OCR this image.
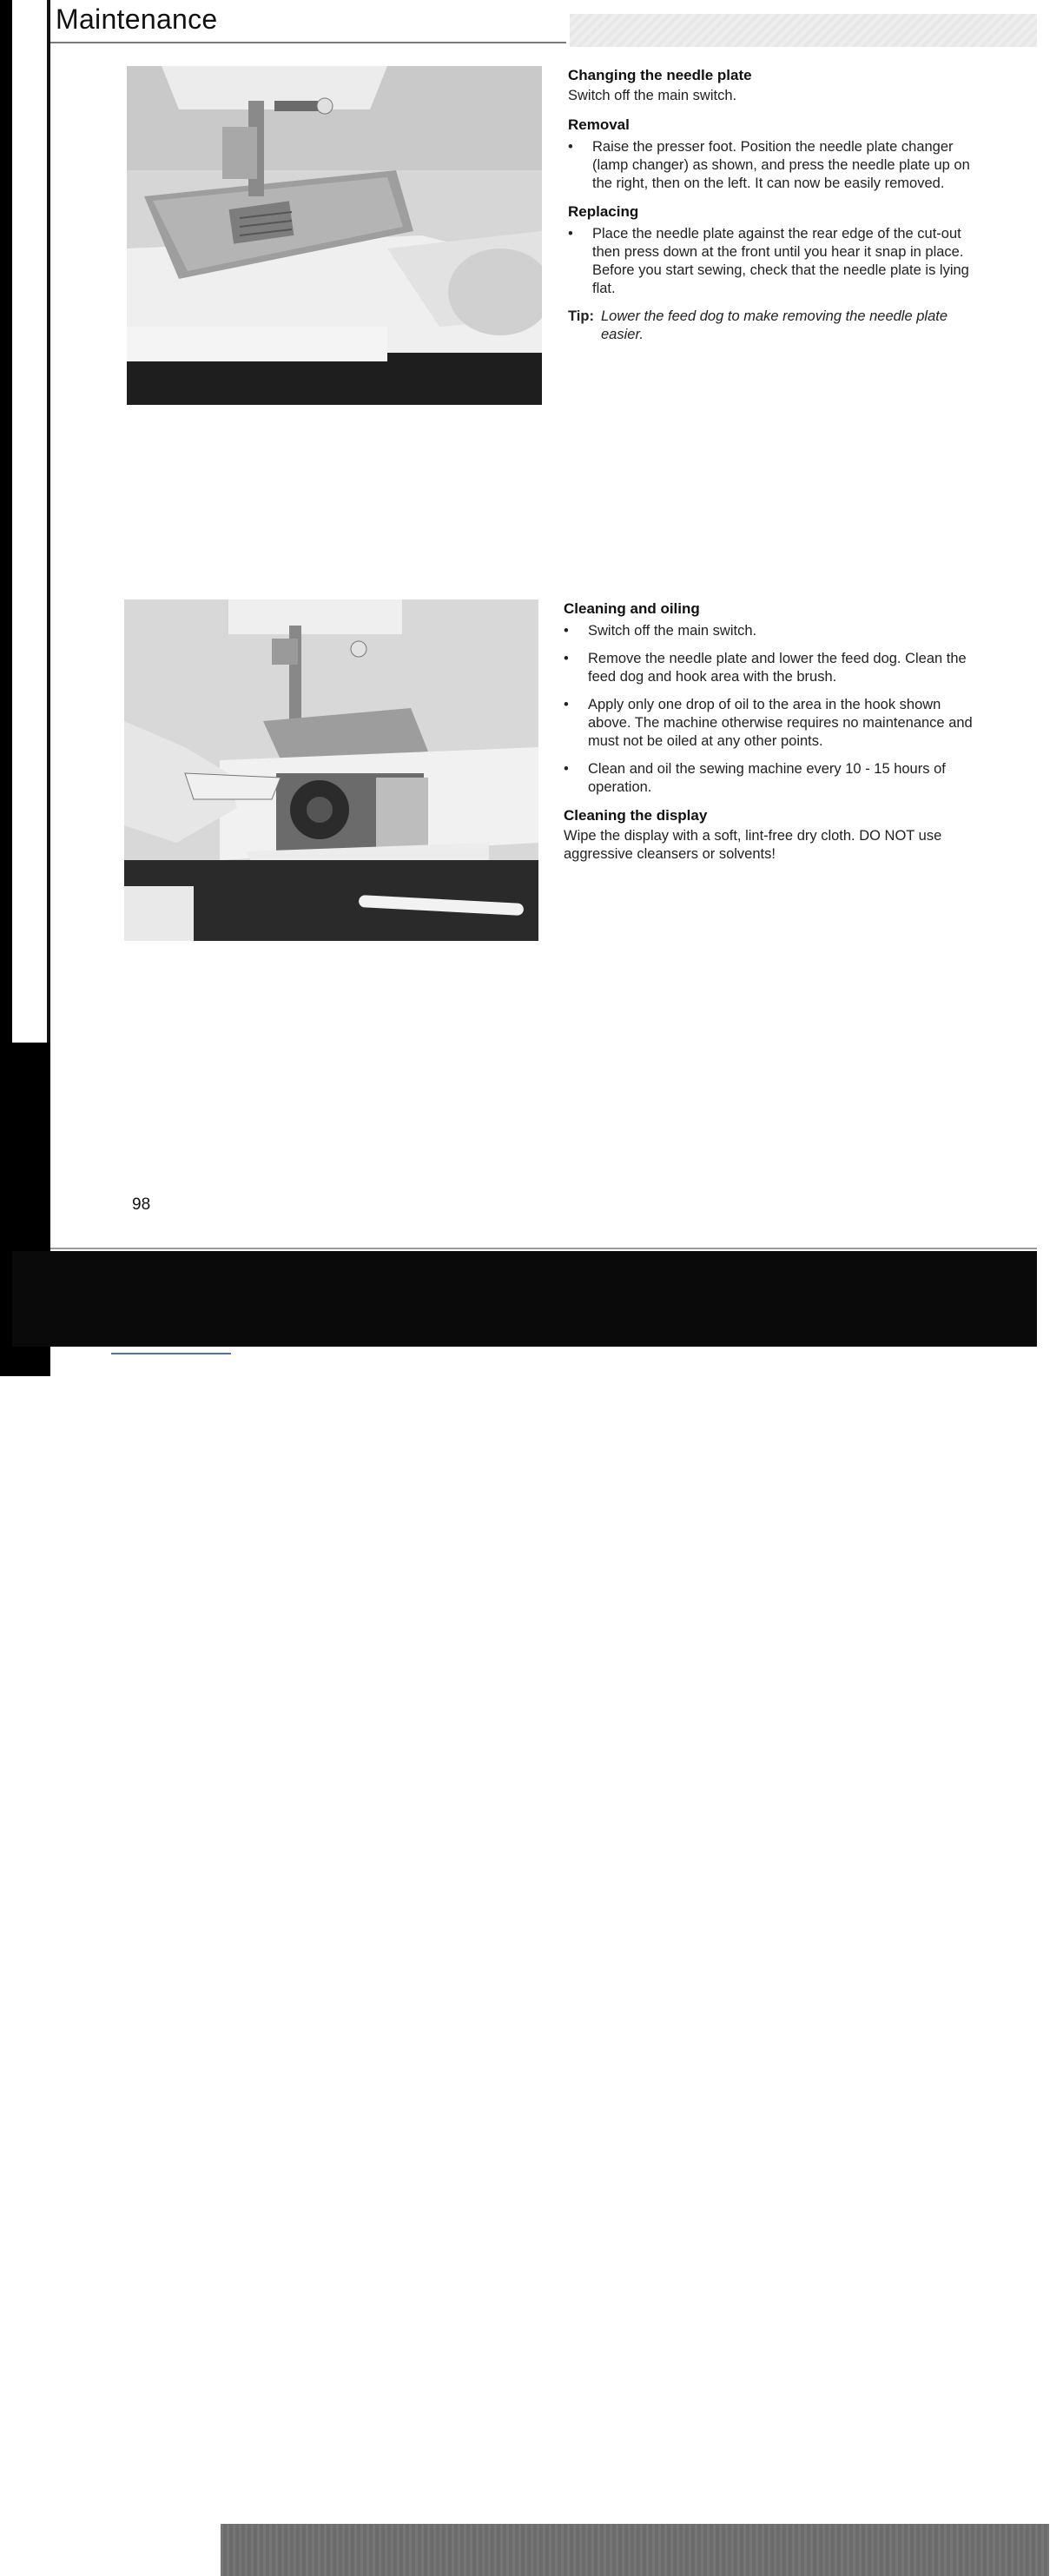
Maintenance

Changing the needle plate

Switch off the main switch.

Removal

• Raise the presser foot. Position the needle plate changer (lamp changer) as shown, and press the needle plate up on the right, then on the left. It can now be easily removed.

Replacing

• Place the needle plate against the rear edge of the cut-out then press down at the front until you hear it snap in place. Before you start sewing, check that the needle plate is lying flat.
Tip: Lower the feed dog to make removing the needle plate easier.

Cleaning and oiling

• Switch off the main switch.
• Remove the needle plate and lower the feed dog. Clean the feed dog and hook area with the brush.
• Apply only one drop of oil to the area in the hook shown above. The machine otherwise requires no maintenance and must not be oiled at any other points.
• Clean and oil the sewing machine every 10 - 15 hours of operation.

Cleaning the display

Wipe the display with a soft, lint-free dry cloth. DO NOT use aggressive cleansers or solvents!

98
